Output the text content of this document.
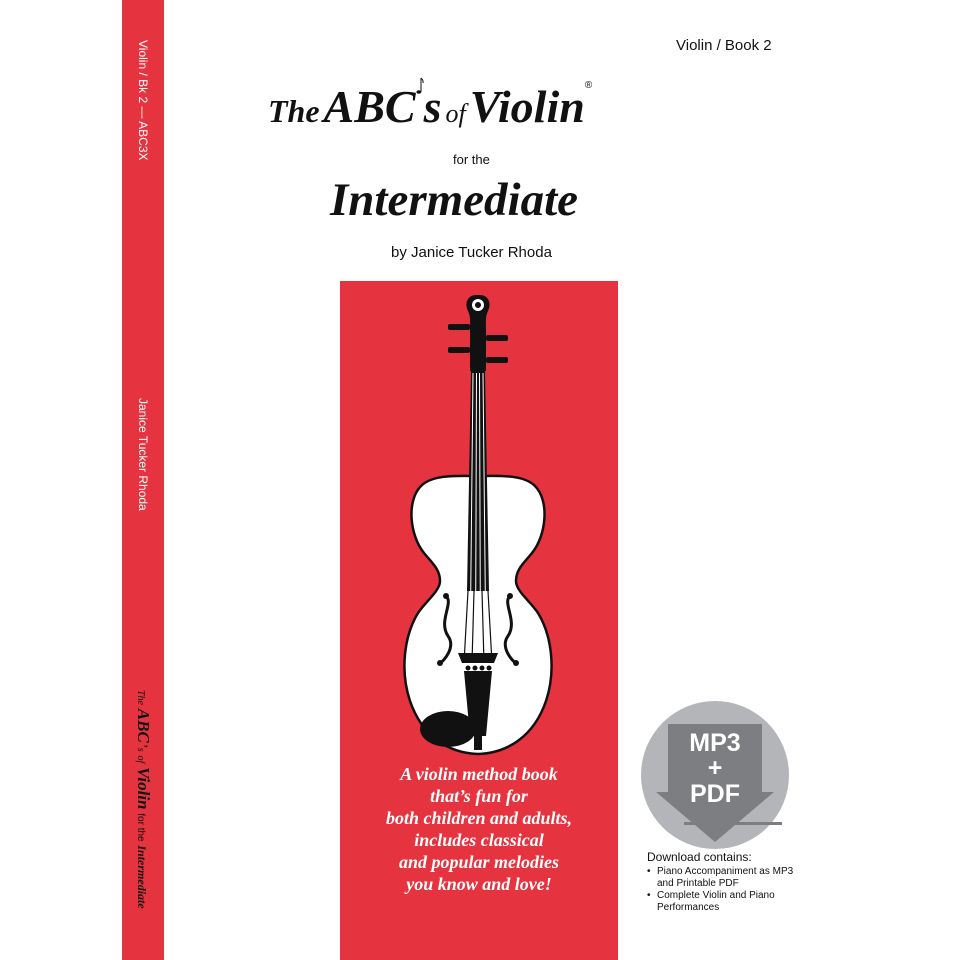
Violin / Bk 2 — ABC3X
Janice Tucker Rhoda
The ABC’s of Violin for the Intermediate
Violin / Book 2
The ABC s of Violin®
for the
Intermediate
by Janice Tucker Rhoda
A violin method book
that’s fun for
both children and adults,
includes classical
and popular melodies
you know and love!
MP3
+
PDF
Download contains:
• Piano Accompaniment as MP3 and Printable PDF
• Complete Violin and Piano Performances
